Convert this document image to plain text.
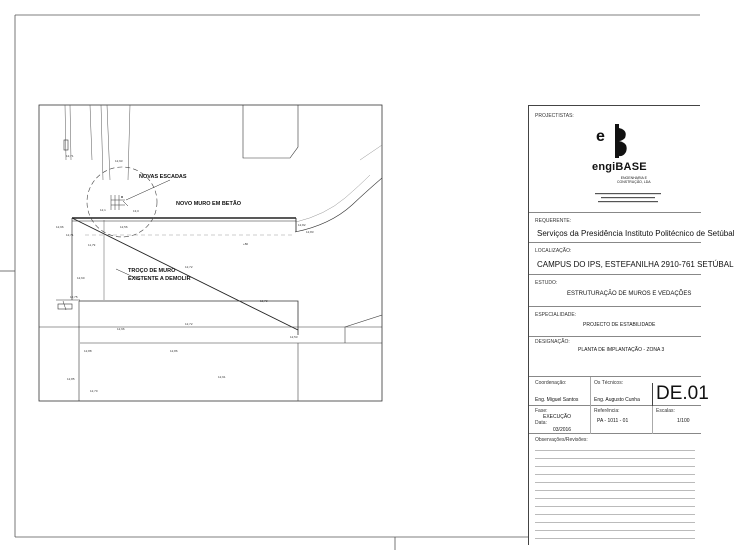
12,71
12,93
12,96
12,1
12,56
13,0
11,79
12,82
12,83
12,71
+80
12,72
12,72
12,72
12,96
12,53
12,88	12,86
12,91
12,85
12,70
12,60
12,75
NOVAS ESCADAS
NOVO MURO EM BETÃO
TROÇO DE MURO
EXISTENTE A DEMOLIR
PROJECTISTAS:
e
engiBASE
ENGENHARIA E
CONSTRUÇÃO, LDA
REQUERENTE:
Serviços da Presidência Instituto Politécnico de Setúbal
LOCALIZAÇÃO:
CAMPUS DO IPS, ESTEFANILHA 2910-761 SETÚBAL
ESTUDO:
ESTRUTURAÇÃO DE MUROS E VEDAÇÕES
ESPECIALIDADE:
PROJECTO DE ESTABILIDADE
DESIGNAÇÃO:
PLANTA DE IMPLANTAÇÃO - ZONA 3
Coordenação:
Eng. Miguel Santos
Os Técnicos:
Eng. Augusto Cunha DE.01
Fase:
EXECUÇÃO
Data:
03/2016
Referência:
PA - 1011 - 01
Escalas:
1/100
Observações/Revisões:
